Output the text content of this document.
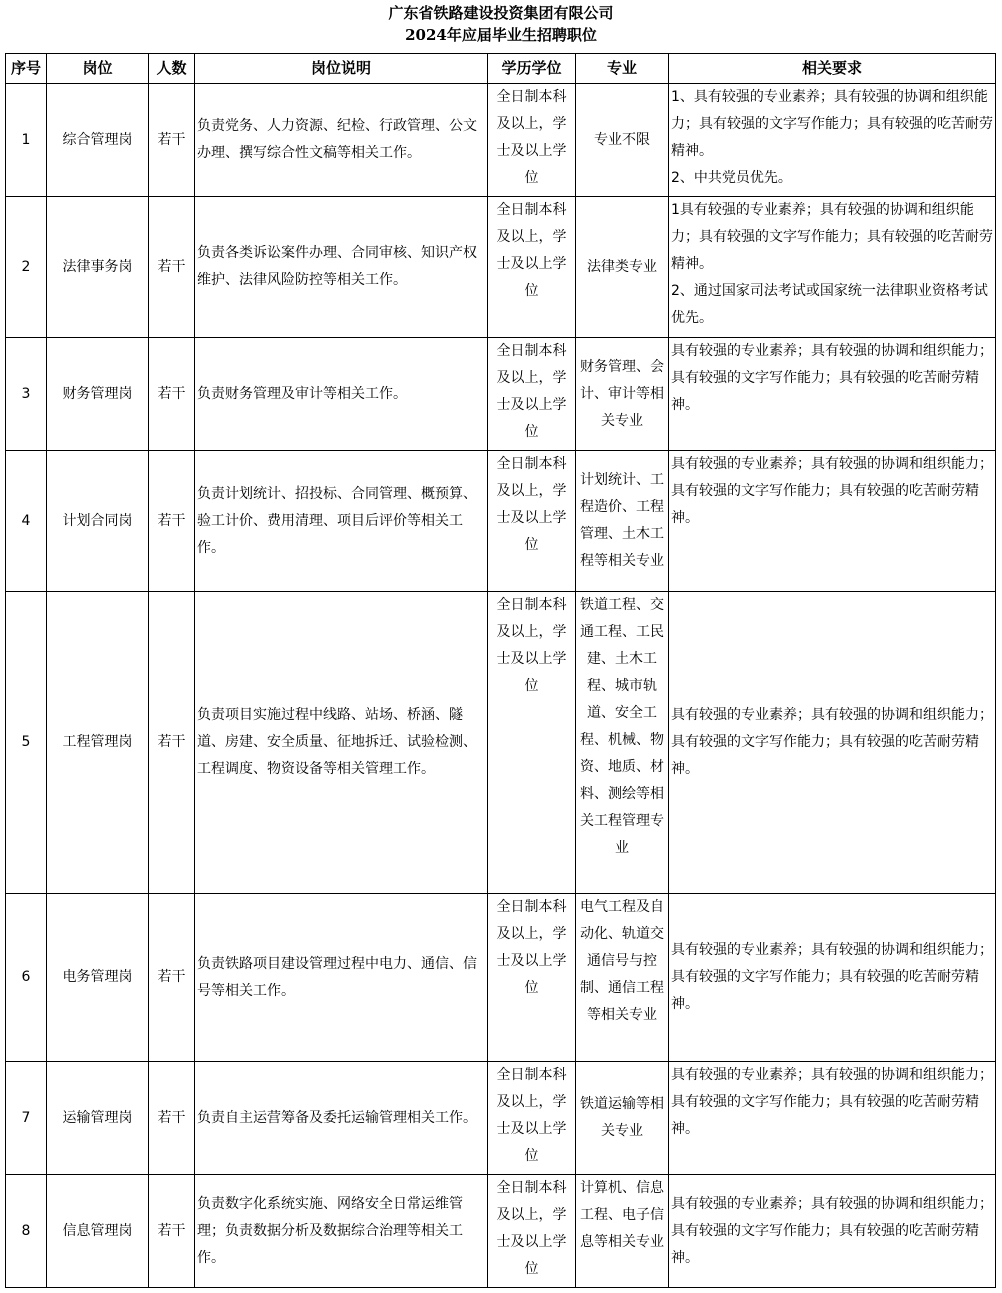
广东省铁路建设投资集团有限公司
2024年应届毕业生招聘职位
序号	岗位	人数	岗位说明	学历学位	专业	相关要求
1	综合管理岗	若干	负责党务、人力资源、纪检、行政管理、公文办理、撰写综合性文稿等相关工作。	全日制本科及以上，学士及以上学位	专业不限	1、具有较强的专业素养；具有较强的协调和组织能力；具有较强的文字写作能力；具有较强的吃苦耐劳精神。
2、中共党员优先。

2	法律事务岗	若干	负责各类诉讼案件办理、合同审核、知识产权维护、法律风险防控等相关工作。	全日制本科及以上，学士及以上学位	法律类专业	1具有较强的专业素养；具有较强的协调和组织能力；具有较强的文字写作能力；具有较强的吃苦耐劳精神。
2、通过国家司法考试或国家统一法律职业资格考试优先。

3	财务管理岗	若干	负责财务管理及审计等相关工作。	全日制本科及以上，学士及以上学位	财务管理、会计、审计等相关专业	具有较强的专业素养；具有较强的协调和组织能力；具有较强的文字写作能力；具有较强的吃苦耐劳精神。

4	计划合同岗	若干	负责计划统计、招投标、合同管理、概预算、验工计价、费用清理、项目后评价等相关工作。	全日制本科及以上，学士及以上学位	计划统计、工程造价、工程管理、土木工程等相关专业	具有较强的专业素养；具有较强的协调和组织能力；具有较强的文字写作能力；具有较强的吃苦耐劳精神。

5	工程管理岗	若干	负责项目实施过程中线路、站场、桥涵、隧道、房建、安全质量、征地拆迁、试验检测、工程调度、物资设备等相关管理工作。	全日制本科及以上，学士及以上学位	铁道工程、交通工程、工民建、土木工程、城市轨道、安全工程、机械、物资、地质、材料、测绘等相关工程管理专业	具有较强的专业素养；具有较强的协调和组织能力；具有较强的文字写作能力；具有较强的吃苦耐劳精神。

6	电务管理岗	若干	负责铁路项目建设管理过程中电力、通信、信号等相关工作。	全日制本科及以上，学士及以上学位	电气工程及自动化、轨道交通信号与控制、通信工程等相关专业	具有较强的专业素养；具有较强的协调和组织能力；具有较强的文字写作能力；具有较强的吃苦耐劳精神。

7	运输管理岗	若干	负责自主运营筹备及委托运输管理相关工作。	全日制本科及以上，学士及以上学位	铁道运输等相关专业	具有较强的专业素养；具有较强的协调和组织能力；具有较强的文字写作能力；具有较强的吃苦耐劳精神。

8	信息管理岗	若干	负责数字化系统实施、网络安全日常运维管理；负责数据分析及数据综合治理等相关工作。	全日制本科及以上，学士及以上学位	计算机、信息工程、电子信息等相关专业	具有较强的专业素养；具有较强的协调和组织能力；具有较强的文字写作能力；具有较强的吃苦耐劳精神。
